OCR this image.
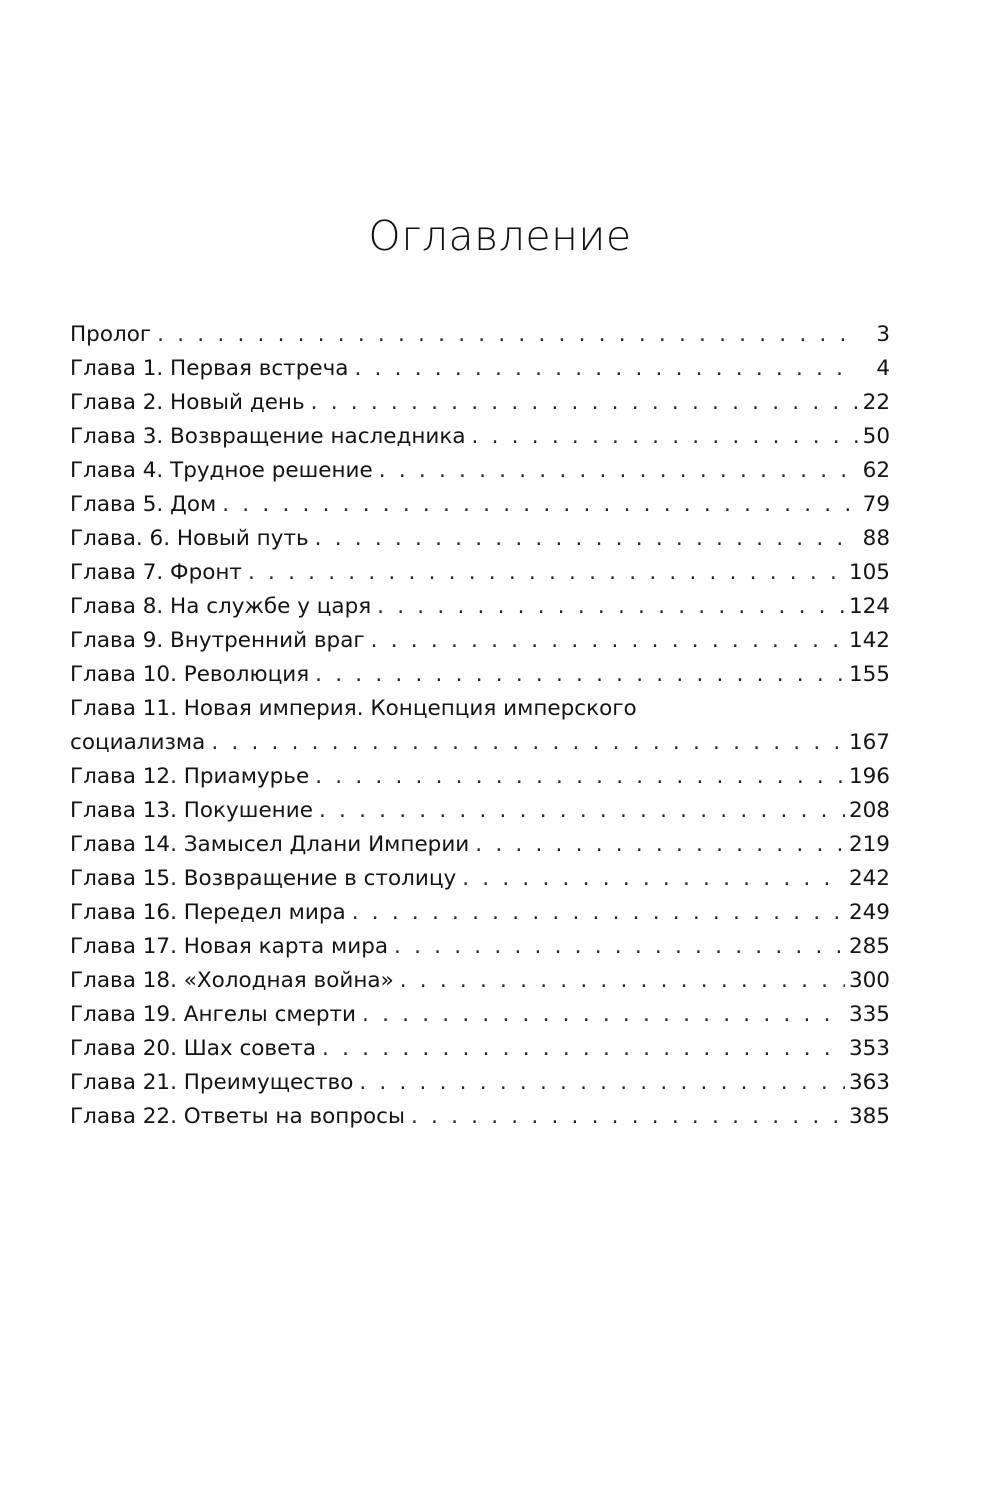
Оглавление
Пролог . . .	3
Глава 1. Первая встреча . . .	4
Глава 2. Новый день . . .	22
Глава 3. Возвращение наследника . . .	50
Глава 4. Трудное решение . . .	62
Глава 5. Дом . . .	79
Глава. 6. Новый путь . . .	88
Глава 7. Фронт . . .	105
Глава 8. На службе у царя . . .	124
Глава 9. Внутренний враг . . .	142
Глава 10. Революция . . .	155
Глава 11. Новая империя. Концепция имперского
социализма . . .	167
Глава 12. Приамурье . . .	196
Глава 13. Покушение . . .	208
Глава 14. Замысел Длани Империи . . .	219
Глава 15. Возвращение в столицу . . .	242
Глава 16. Передел мира . . .	249
Глава 17. Новая карта мира . . .	285
Глава 18. «Холодная война» . . .	300
Глава 19. Ангелы смерти . . .	335
Глава 20. Шах совета . . .	353
Глава 21. Преимущество . . .	363
Глава 22. Ответы на вопросы . . .	385
